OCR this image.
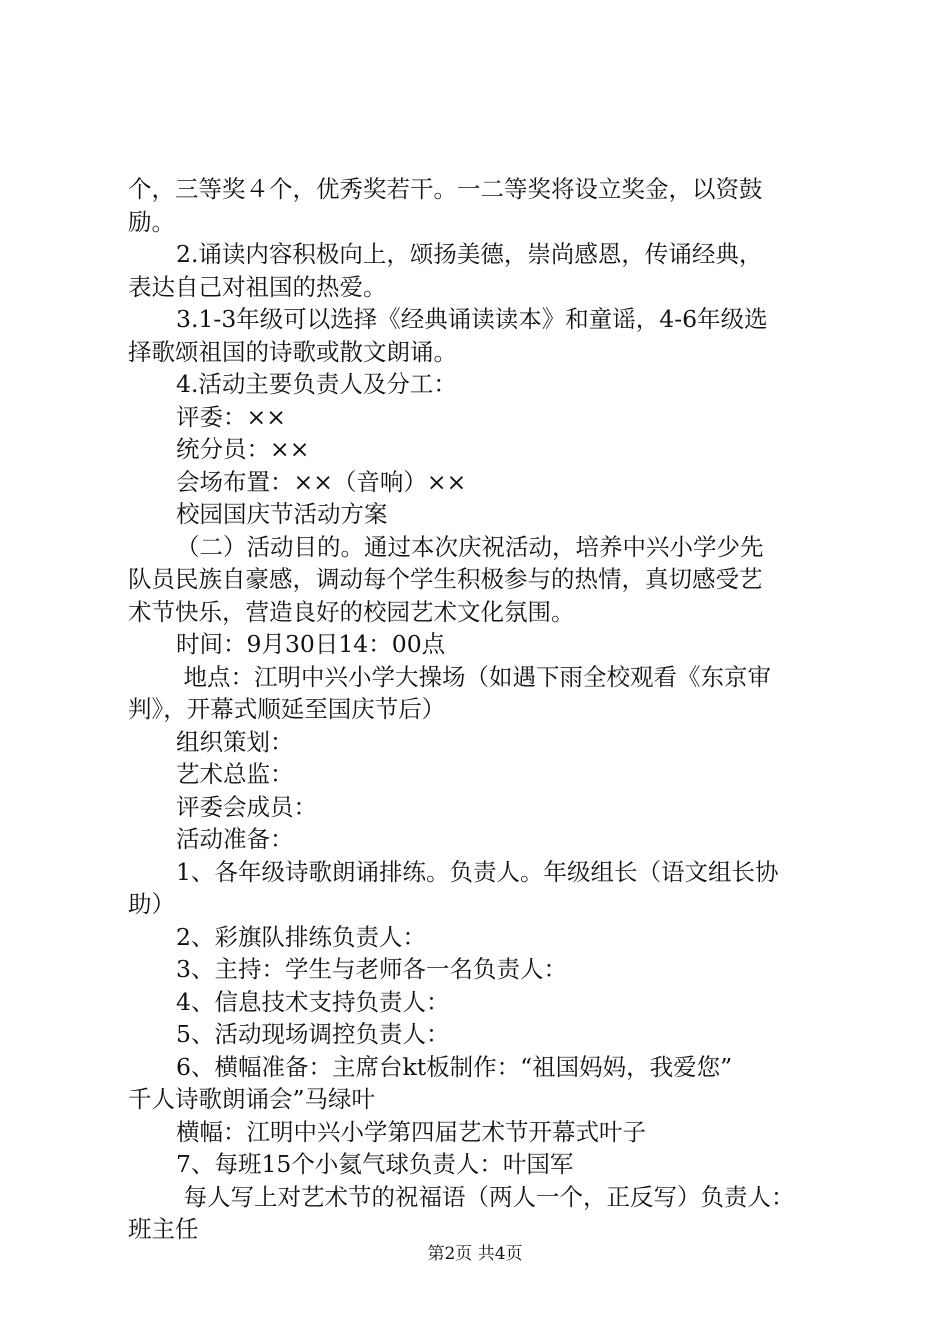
个，三等奖４个，优秀奖若干。一二等奖将设立奖金，以资鼓
励。
2.诵读内容积极向上，颂扬美德，崇尚感恩，传诵经典，
表达自己对祖国的热爱。
3.1-3年级可以选择《经典诵读读本》和童谣，4-6年级选
择歌颂祖国的诗歌或散文朗诵。
4.活动主要负责人及分工：
评委：××
统分员：××
会场布置：××（音响）××
校园国庆节活动方案
（二）活动目的。通过本次庆祝活动，培养中兴小学少先
队员民族自豪感，调动每个学生积极参与的热情，真切感受艺
术节快乐，营造良好的校园艺术文化氛围。
时间：9月30日14：00点
地点：江明中兴小学大操场（如遇下雨全校观看《东京审
判》，开幕式顺延至国庆节后）
组织策划：
艺术总监：
评委会成员：
活动准备：
1、各年级诗歌朗诵排练。负责人。年级组长（语文组长协
助）
2、彩旗队排练负责人：
3、主持：学生与老师各一名负责人：
4、信息技术支持负责人：
5、活动现场调控负责人：
6、横幅准备：主席台kt板制作：“祖国妈妈，我爱您”
千人诗歌朗诵会”马绿叶
横幅：江明中兴小学第四届艺术节开幕式叶子
7、每班15个小氦气球负责人：叶国军
每人写上对艺术节的祝福语（两人一个，正反写）负责人：
班主任
第2页 共4页
